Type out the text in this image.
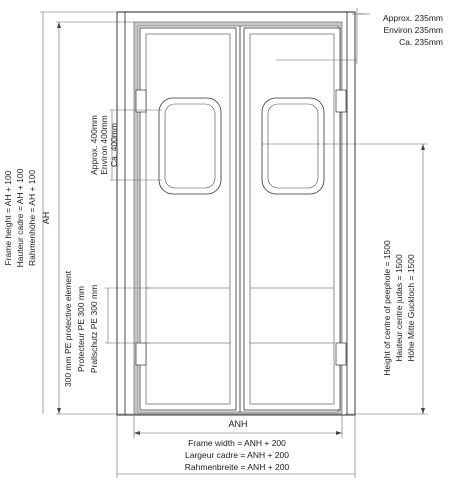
Approx. 235mm
Environ 235mm
Ca. 235mm
Approx. 400mm Environ 400mm Ca. 400mm
300 mm PE protective element Protecteur PE 300 mm Prallschutz PE 300 mm
AH
Frame height = AH + 100 Hauteur cadre = AH + 100 Rahmenhöhe = AH + 100
Height of centre of peephole = 1500 Hauteur centre judas = 1500 Höhe Mitte Guckloch = 1500
ANH
Frame width = ANH + 200
Largeur cadre = ANH + 200
Rahmenbreite = ANH + 200
